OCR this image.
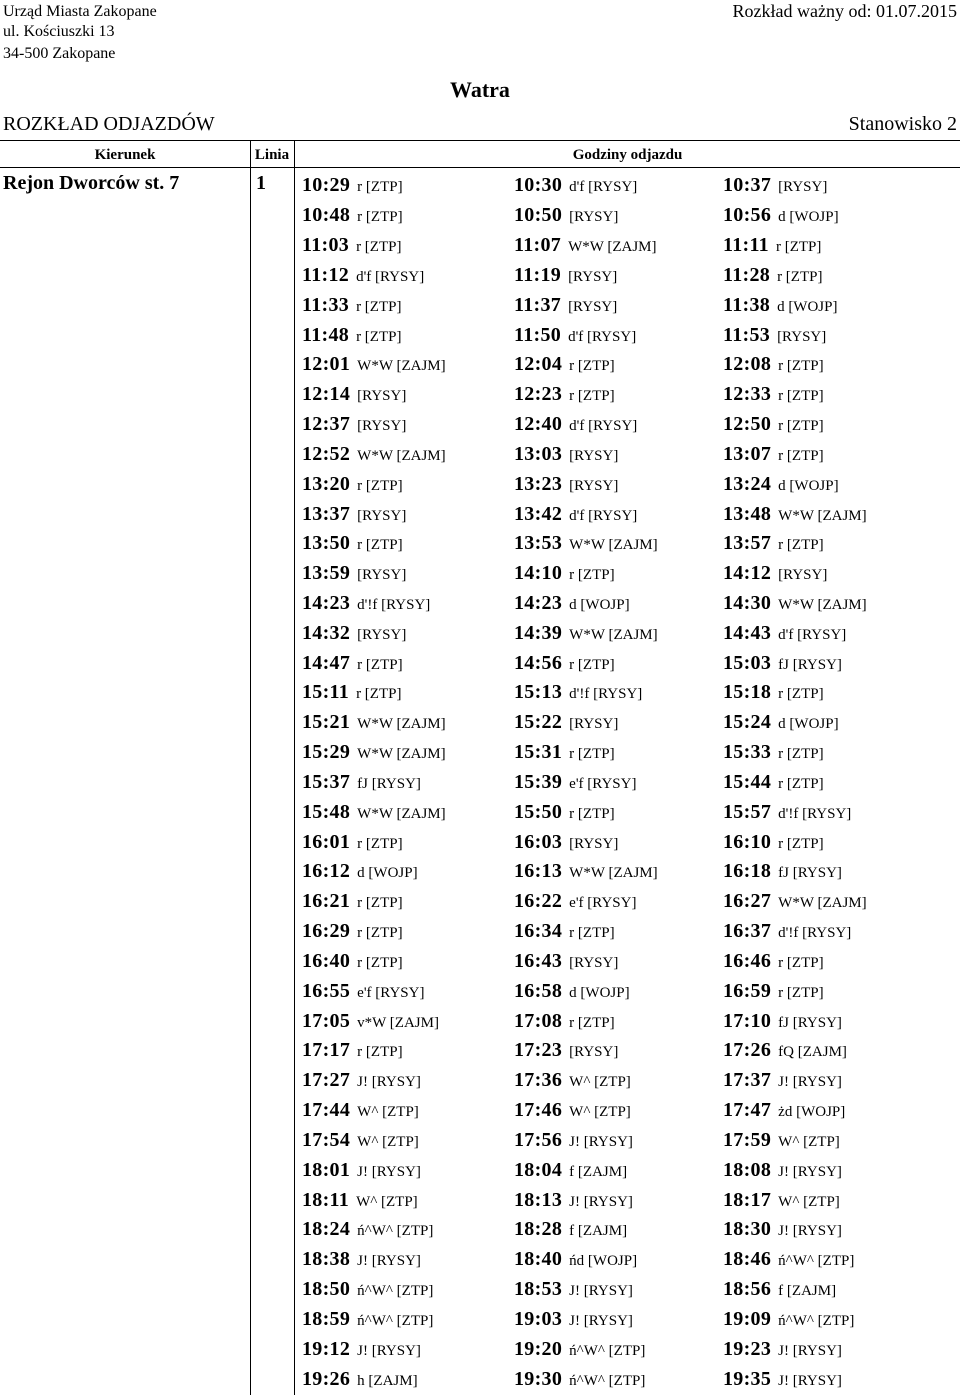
Urząd Miasta Zakopane
ul. Kościuszki 13
34-500 Zakopane
Rozkład ważny od: 01.07.2015
Watra
ROZKŁAD ODJAZDÓW	Stanowisko 2
Kierunek	Linia	Godziny odjazdu
Rejon Dworców st. 7	1 10:29 r [ZTP]	10:30 d'f [RYSY]	10:37 [RYSY]
10:48 r [ZTP]	10:50 [RYSY]	10:56 d [WOJP]
11:03 r [ZTP]	11:07 W*W [ZAJM]	11:11 r [ZTP]
11:12 d'f [RYSY]	11:19 [RYSY]	11:28 r [ZTP]
11:33 r [ZTP]	11:37 [RYSY]	11:38 d [WOJP]
11:48 r [ZTP]	11:50 d'f [RYSY]	11:53 [RYSY]
12:01 W*W [ZAJM]	12:04 r [ZTP]	12:08 r [ZTP]
12:14 [RYSY]	12:23 r [ZTP]	12:33 r [ZTP]
12:37 [RYSY]	12:40 d'f [RYSY]	12:50 r [ZTP]
12:52 W*W [ZAJM]	13:03 [RYSY]	13:07 r [ZTP]
13:20 r [ZTP]	13:23 [RYSY]	13:24 d [WOJP]
13:37 [RYSY]	13:42 d'f [RYSY]	13:48 W*W [ZAJM]
13:50 r [ZTP]	13:53 W*W [ZAJM]	13:57 r [ZTP]
13:59 [RYSY]	14:10 r [ZTP]	14:12 [RYSY]
14:23 d'!f [RYSY]	14:23 d [WOJP]	14:30 W*W [ZAJM]
14:32 [RYSY]	14:39 W*W [ZAJM]	14:43 d'f [RYSY]
14:47 r [ZTP]	14:56 r [ZTP]	15:03 fJ [RYSY]
15:11 r [ZTP]	15:13 d'!f [RYSY]	15:18 r [ZTP]
15:21 W*W [ZAJM]	15:22 [RYSY]	15:24 d [WOJP]
15:29 W*W [ZAJM]	15:31 r [ZTP]	15:33 r [ZTP]
15:37 fJ [RYSY]	15:39 e'f [RYSY]	15:44 r [ZTP]
15:48 W*W [ZAJM]	15:50 r [ZTP]	15:57 d'!f [RYSY]
16:01 r [ZTP]	16:03 [RYSY]	16:10 r [ZTP]
16:12 d [WOJP]	16:13 W*W [ZAJM]	16:18 fJ [RYSY]
16:21 r [ZTP]	16:22 e'f [RYSY]	16:27 W*W [ZAJM]
16:29 r [ZTP]	16:34 r [ZTP]	16:37 d'!f [RYSY]
16:40 r [ZTP]	16:43 [RYSY]	16:46 r [ZTP]
16:55 e'f [RYSY]	16:58 d [WOJP]	16:59 r [ZTP]
17:05 v*W [ZAJM]	17:08 r [ZTP]	17:10 fJ [RYSY]
17:17 r [ZTP]	17:23 [RYSY]	17:26 fQ [ZAJM]
17:27 J! [RYSY]	17:36 W^ [ZTP]	17:37 J! [RYSY]
17:44 W^ [ZTP]	17:46 W^ [ZTP]	17:47 żd [WOJP]
17:54 W^ [ZTP]	17:56 J! [RYSY]	17:59 W^ [ZTP]
18:01 J! [RYSY]	18:04 f [ZAJM]	18:08 J! [RYSY]
18:11 W^ [ZTP]	18:13 J! [RYSY]	18:17 W^ [ZTP]
18:24 ń^W^ [ZTP]	18:28 f [ZAJM]	18:30 J! [RYSY]
18:38 J! [RYSY]	18:40 ńd [WOJP]	18:46 ń^W^ [ZTP]
18:50 ń^W^ [ZTP]	18:53 J! [RYSY]	18:56 f [ZAJM]
18:59 ń^W^ [ZTP]	19:03 J! [RYSY]	19:09 ń^W^ [ZTP]
19:12 J! [RYSY]	19:20 ń^W^ [ZTP]	19:23 J! [RYSY]
19:26 h [ZAJM]	19:30 ń^W^ [ZTP]	19:35 J! [RYSY]
